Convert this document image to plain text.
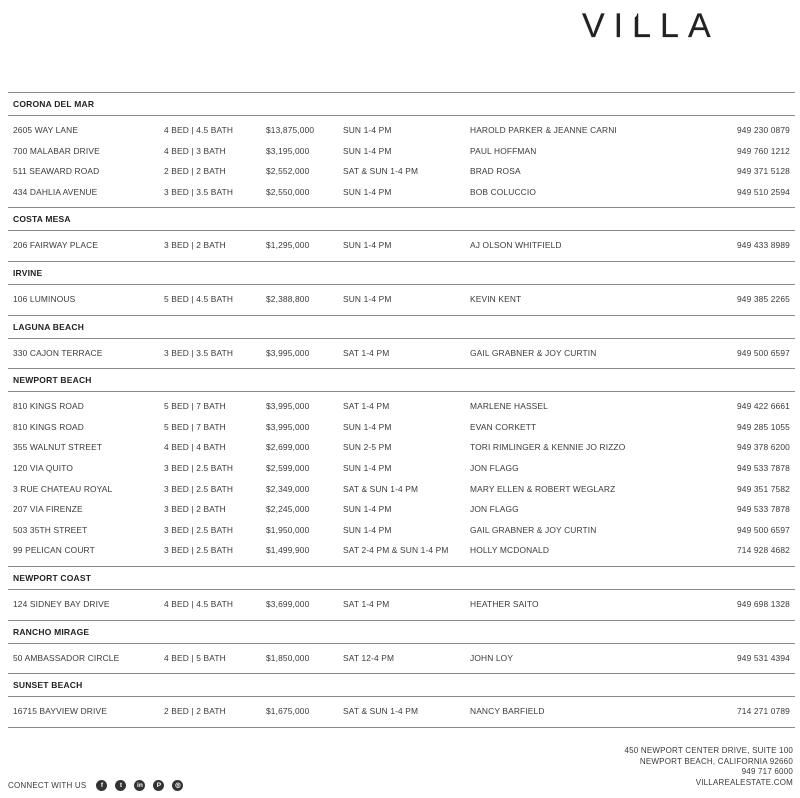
VILLA
CORONA DEL MAR
2605 WAY LANE	4 BED | 4.5 BATH	$13,875,000	SUN 1-4 PM	HAROLD PARKER & JEANNE CARNI	949 230 0879
700 MALABAR DRIVE	4 BED | 3 BATH	$3,195,000	SUN 1-4 PM	PAUL HOFFMAN	949 760 1212
511 SEAWARD ROAD	2 BED | 2 BATH	$2,552,000	SAT & SUN 1-4 PM	BRAD ROSA	949 371 5128
434 DAHLIA AVENUE	3 BED | 3.5 BATH	$2,550,000	SUN 1-4 PM	BOB COLUCCIO	949 510 2594
COSTA MESA
206 FAIRWAY PLACE	3 BED | 2 BATH	$1,295,000	SUN 1-4 PM	AJ OLSON WHITFIELD	949 433 8989
IRVINE
106 LUMINOUS	5 BED | 4.5 BATH	$2,388,800	SUN 1-4 PM	KEVIN KENT	949 385 2265
LAGUNA BEACH
330 CAJON TERRACE	3 BED | 3.5 BATH	$3,995,000	SAT 1-4 PM	GAIL GRABNER & JOY CURTIN	949 500 6597
NEWPORT BEACH
810 KINGS ROAD	5 BED | 7 BATH	$3,995,000	SAT 1-4 PM	MARLENE HASSEL	949 422 6661
810 KINGS ROAD	5 BED | 7 BATH	$3,995,000	SUN 1-4 PM	EVAN CORKETT	949 285 1055
355 WALNUT STREET	4 BED | 4 BATH	$2,699,000	SUN 2-5 PM	TORI RIMLINGER & KENNIE JO RIZZO	949 378 6200
120 VIA QUITO	3 BED | 2.5 BATH	$2,599,000	SUN 1-4 PM	JON FLAGG	949 533 7878
3 RUE CHATEAU ROYAL	3 BED | 2.5 BATH	$2,349,000	SAT & SUN 1-4 PM	MARY ELLEN & ROBERT WEGLARZ	949 351 7582
207 VIA FIRENZE	3 BED | 2 BATH	$2,245,000	SUN 1-4 PM	JON FLAGG	949 533 7878
503 35TH STREET	3 BED | 2.5 BATH	$1,950,000	SUN 1-4 PM	GAIL GRABNER & JOY CURTIN	949 500 6597
99 PELICAN COURT	3 BED | 2.5 BATH	$1,499,900	SAT 2-4 PM & SUN 1-4 PM	HOLLY MCDONALD	714 928 4682
NEWPORT COAST
124 SIDNEY BAY DRIVE	4 BED | 4.5 BATH	$3,699,000	SAT 1-4 PM	HEATHER SAITO	949 698 1328
RANCHO MIRAGE
50 AMBASSADOR CIRCLE	4 BED | 5 BATH	$1,850,000	SAT 12-4 PM	JOHN LOY	949 531 4394
SUNSET BEACH
16715 BAYVIEW DRIVE	2 BED | 2 BATH	$1,675,000	SAT & SUN 1-4 PM	NANCY BARFIELD	714 271 0789
450 NEWPORT CENTER DRIVE, SUITE 100
NEWPORT BEACH, CALIFORNIA 92660
949 717 6000
VILLAREALESTATE.COM
CONNECT WITH US	f	t	in	P	◎
